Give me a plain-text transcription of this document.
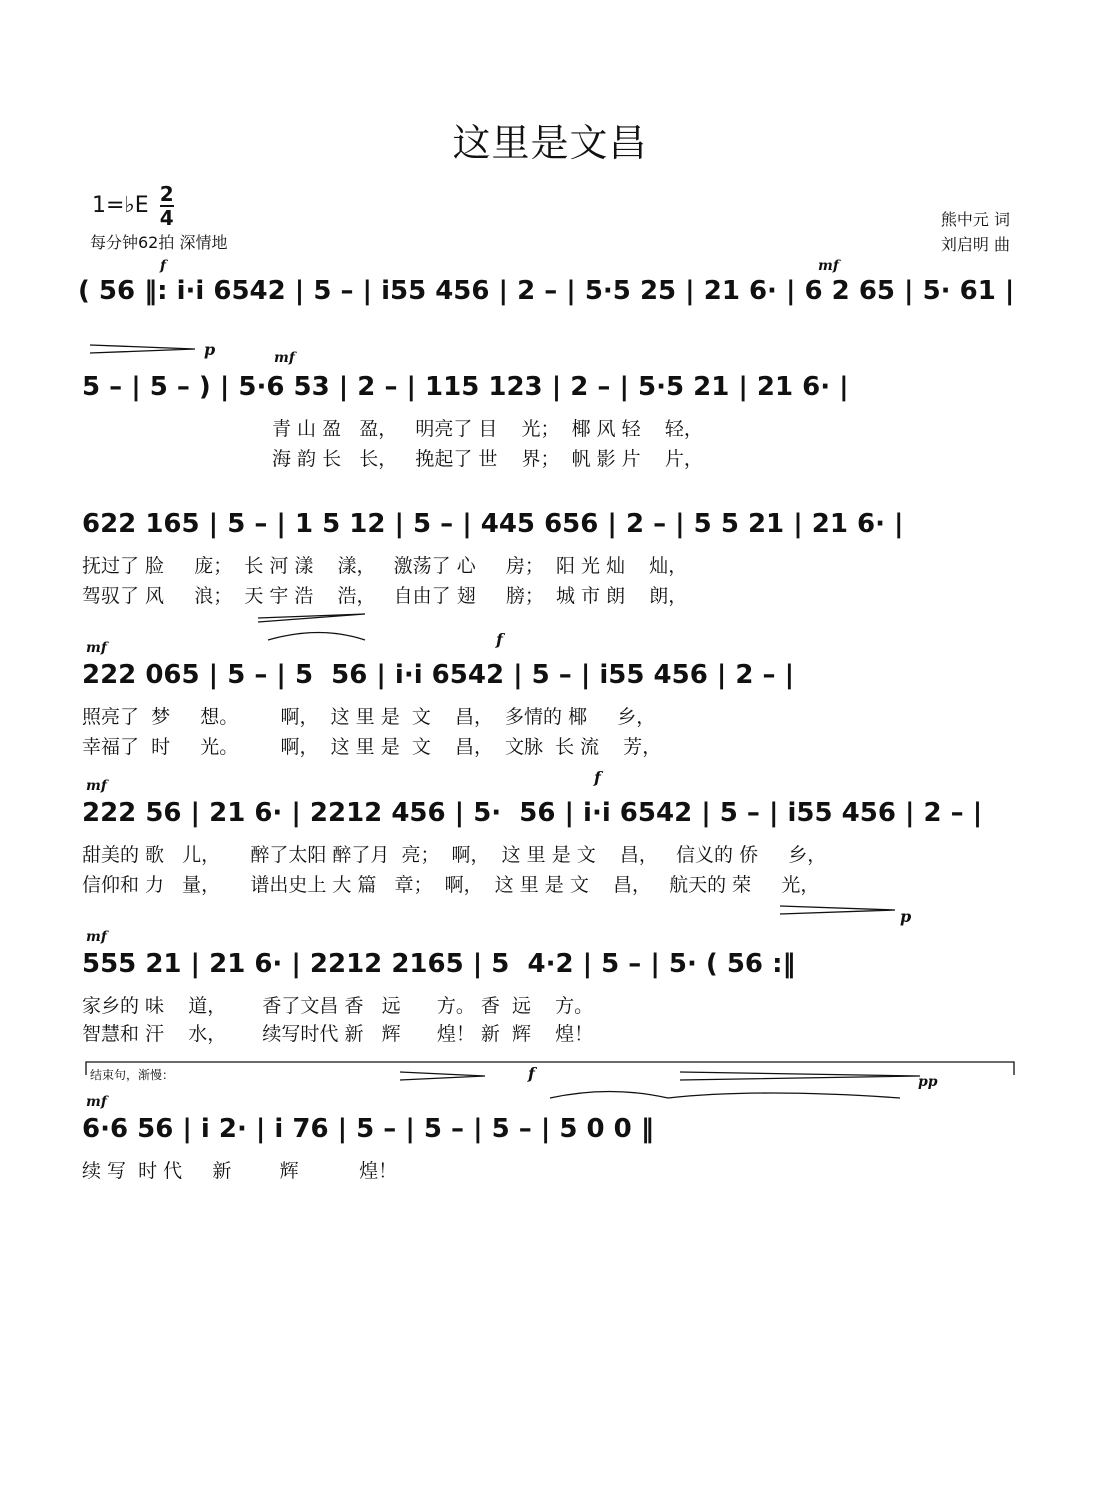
这里是文昌
1=♭E $\frac{2}{4}$
每分钟62拍 深情地
熊中元 词
刘启明 曲
f	mf
( 56 ‖: i·i 6542 | 5 – | i55 456 | 2 – | 5·5 25 | 21 6· | 6 2 65 | 5· 61 |
p	mf
5 – | 5 – ) | 5·6 53 | 2 – | 115 123 | 2 – | 5·5 21 | 21 6· |
青 山 盈   盈，   明亮了 目    光；  椰 风 轻    轻，
海 韵 长   长，   挽起了 世    界；  帆 影 片    片，
622 165 | 5 – | 1 5 12 | 5 – | 445 656 | 2 – | 5 5 21 | 21 6· |
抚过了 脸     庞；  长 河 漾    漾，   激荡了 心     房；  阳 光 灿    灿，
驾驭了 风     浪；  天 宇 浩    浩，   自由了 翅     膀；  城 市 朗    朗，
mf	f
222 065 | 5 – | 5  56 | i·i 6542 | 5 – | i55 456 | 2 – |
照亮了  梦     想。       啊，  这 里 是  文    昌，  多情的 椰     乡，
幸福了  时     光。       啊，  这 里 是  文    昌，  文脉  长 流    芳，
mf	f
222 56 | 21 6· | 2212 456 | 5·  56 | i·i 6542 | 5 – | i55 456 | 2 – |
甜美的 歌   儿，     醉了太阳 醉了月  亮；  啊，  这 里 是 文    昌，   信义的 侨     乡，
信仰和 力   量，     谱出史上 大 篇   章；  啊，  这 里 是 文    昌，   航天的 荣     光，
mf
p
555 21 | 21 6· | 2212 2165 | 5  4·2 | 5 – | 5· ( 56 :‖
家乡的 味    道，      香了文昌 香   远      方。 香  远    方。
智慧和 汗    水，      续写时代 新   辉      煌！ 新  辉    煌！
结束句，渐慢：
mf
f	pp
6·6 56 | i 2· | i 76 | 5 – | 5 – | 5 – | 5 0 0 ‖
续 写  时 代     新        辉          煌！
